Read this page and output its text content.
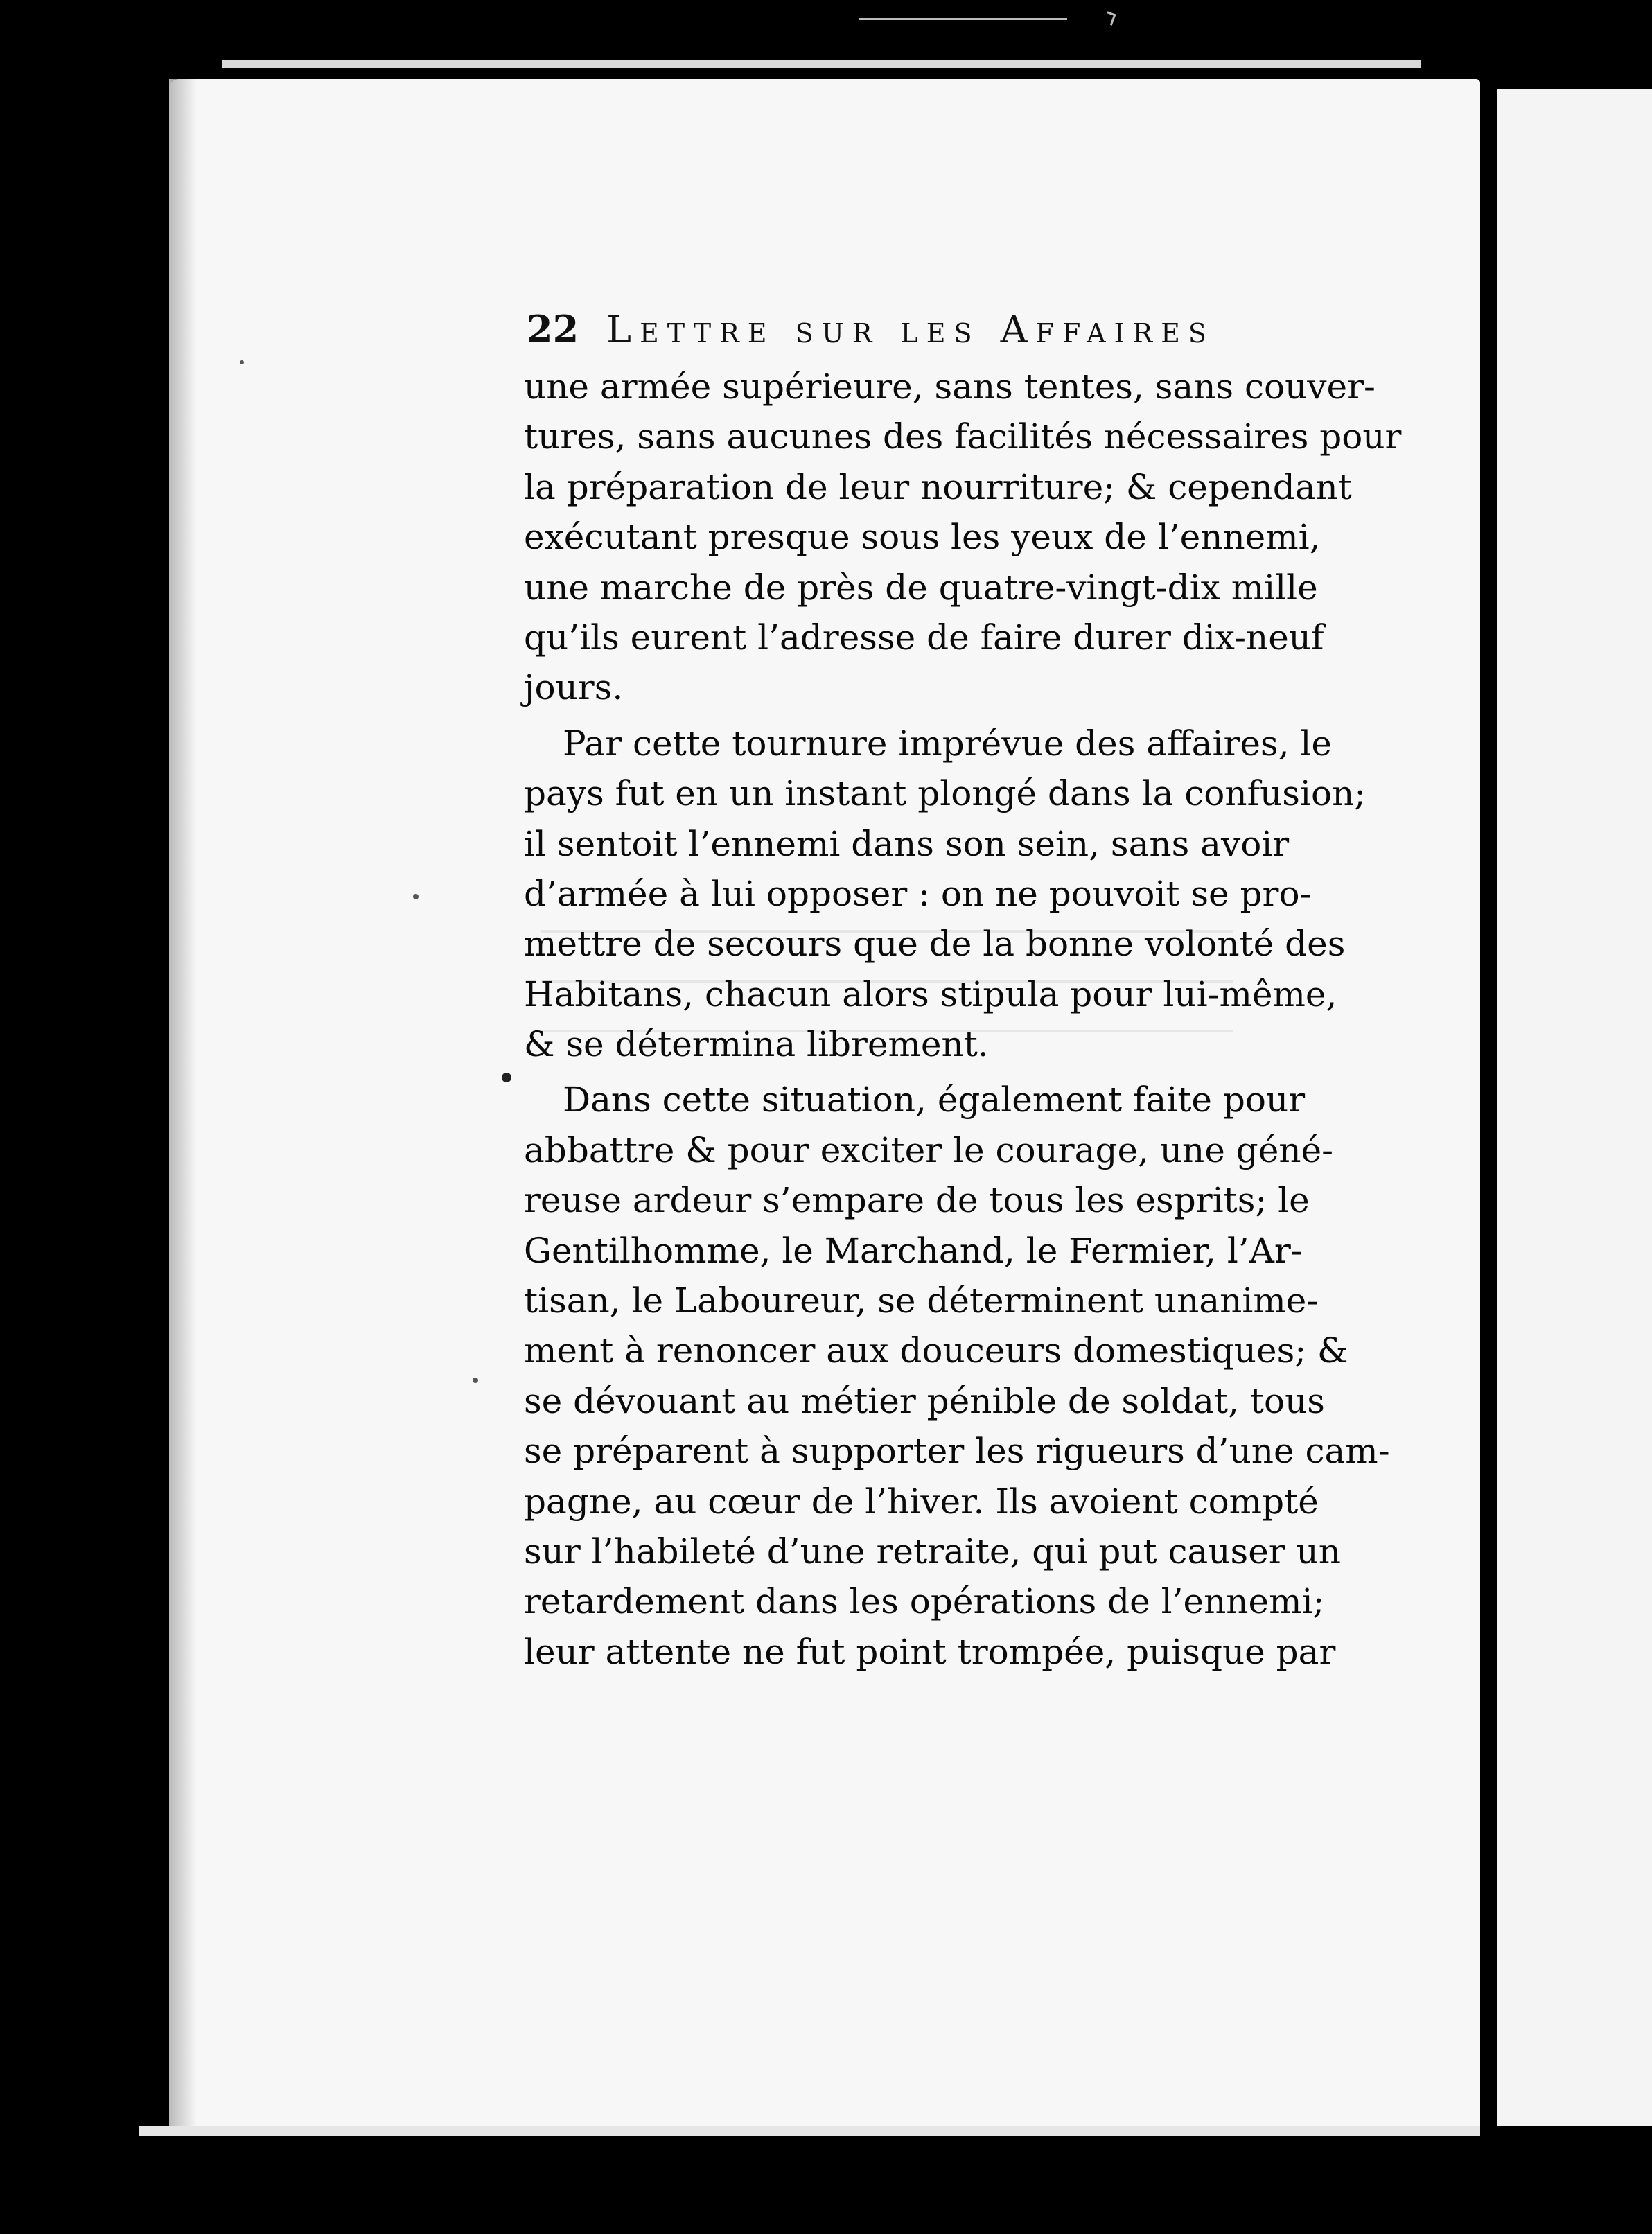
22 Lettre sur les Affaires
une armée supérieure, sans tentes, sans couver-
tures, sans aucunes des facilités nécessaires pour
la préparation de leur nourriture; & cependant
exécutant presque sous les yeux de l’ennemi,
une marche de près de quatre-vingt-dix mille
qu’ils eurent l’adresse de faire durer dix-neuf
jours.
Par cette tournure imprévue des affaires, le
pays fut en un instant plongé dans la confusion;
il sentoit l’ennemi dans son sein, sans avoir
d’armée à lui opposer : on ne pouvoit se pro-
mettre de secours que de la bonne volonté des
Habitans, chacun alors stipula pour lui-même,
& se détermina librement.
Dans cette situation, également faite pour
abbattre & pour exciter le courage, une géné-
reuse ardeur s’empare de tous les esprits; le
Gentilhomme, le Marchand, le Fermier, l’Ar-
tisan, le Laboureur, se déterminent unanime-
ment à renoncer aux douceurs domestiques; &
se dévouant au métier pénible de soldat, tous
se préparent à supporter les rigueurs d’une cam-
pagne, au cœur de l’hiver. Ils avoient compté
sur l’habileté d’une retraite, qui put causer un
retardement dans les opérations de l’ennemi;
leur attente ne fut point trompée, puisque par
